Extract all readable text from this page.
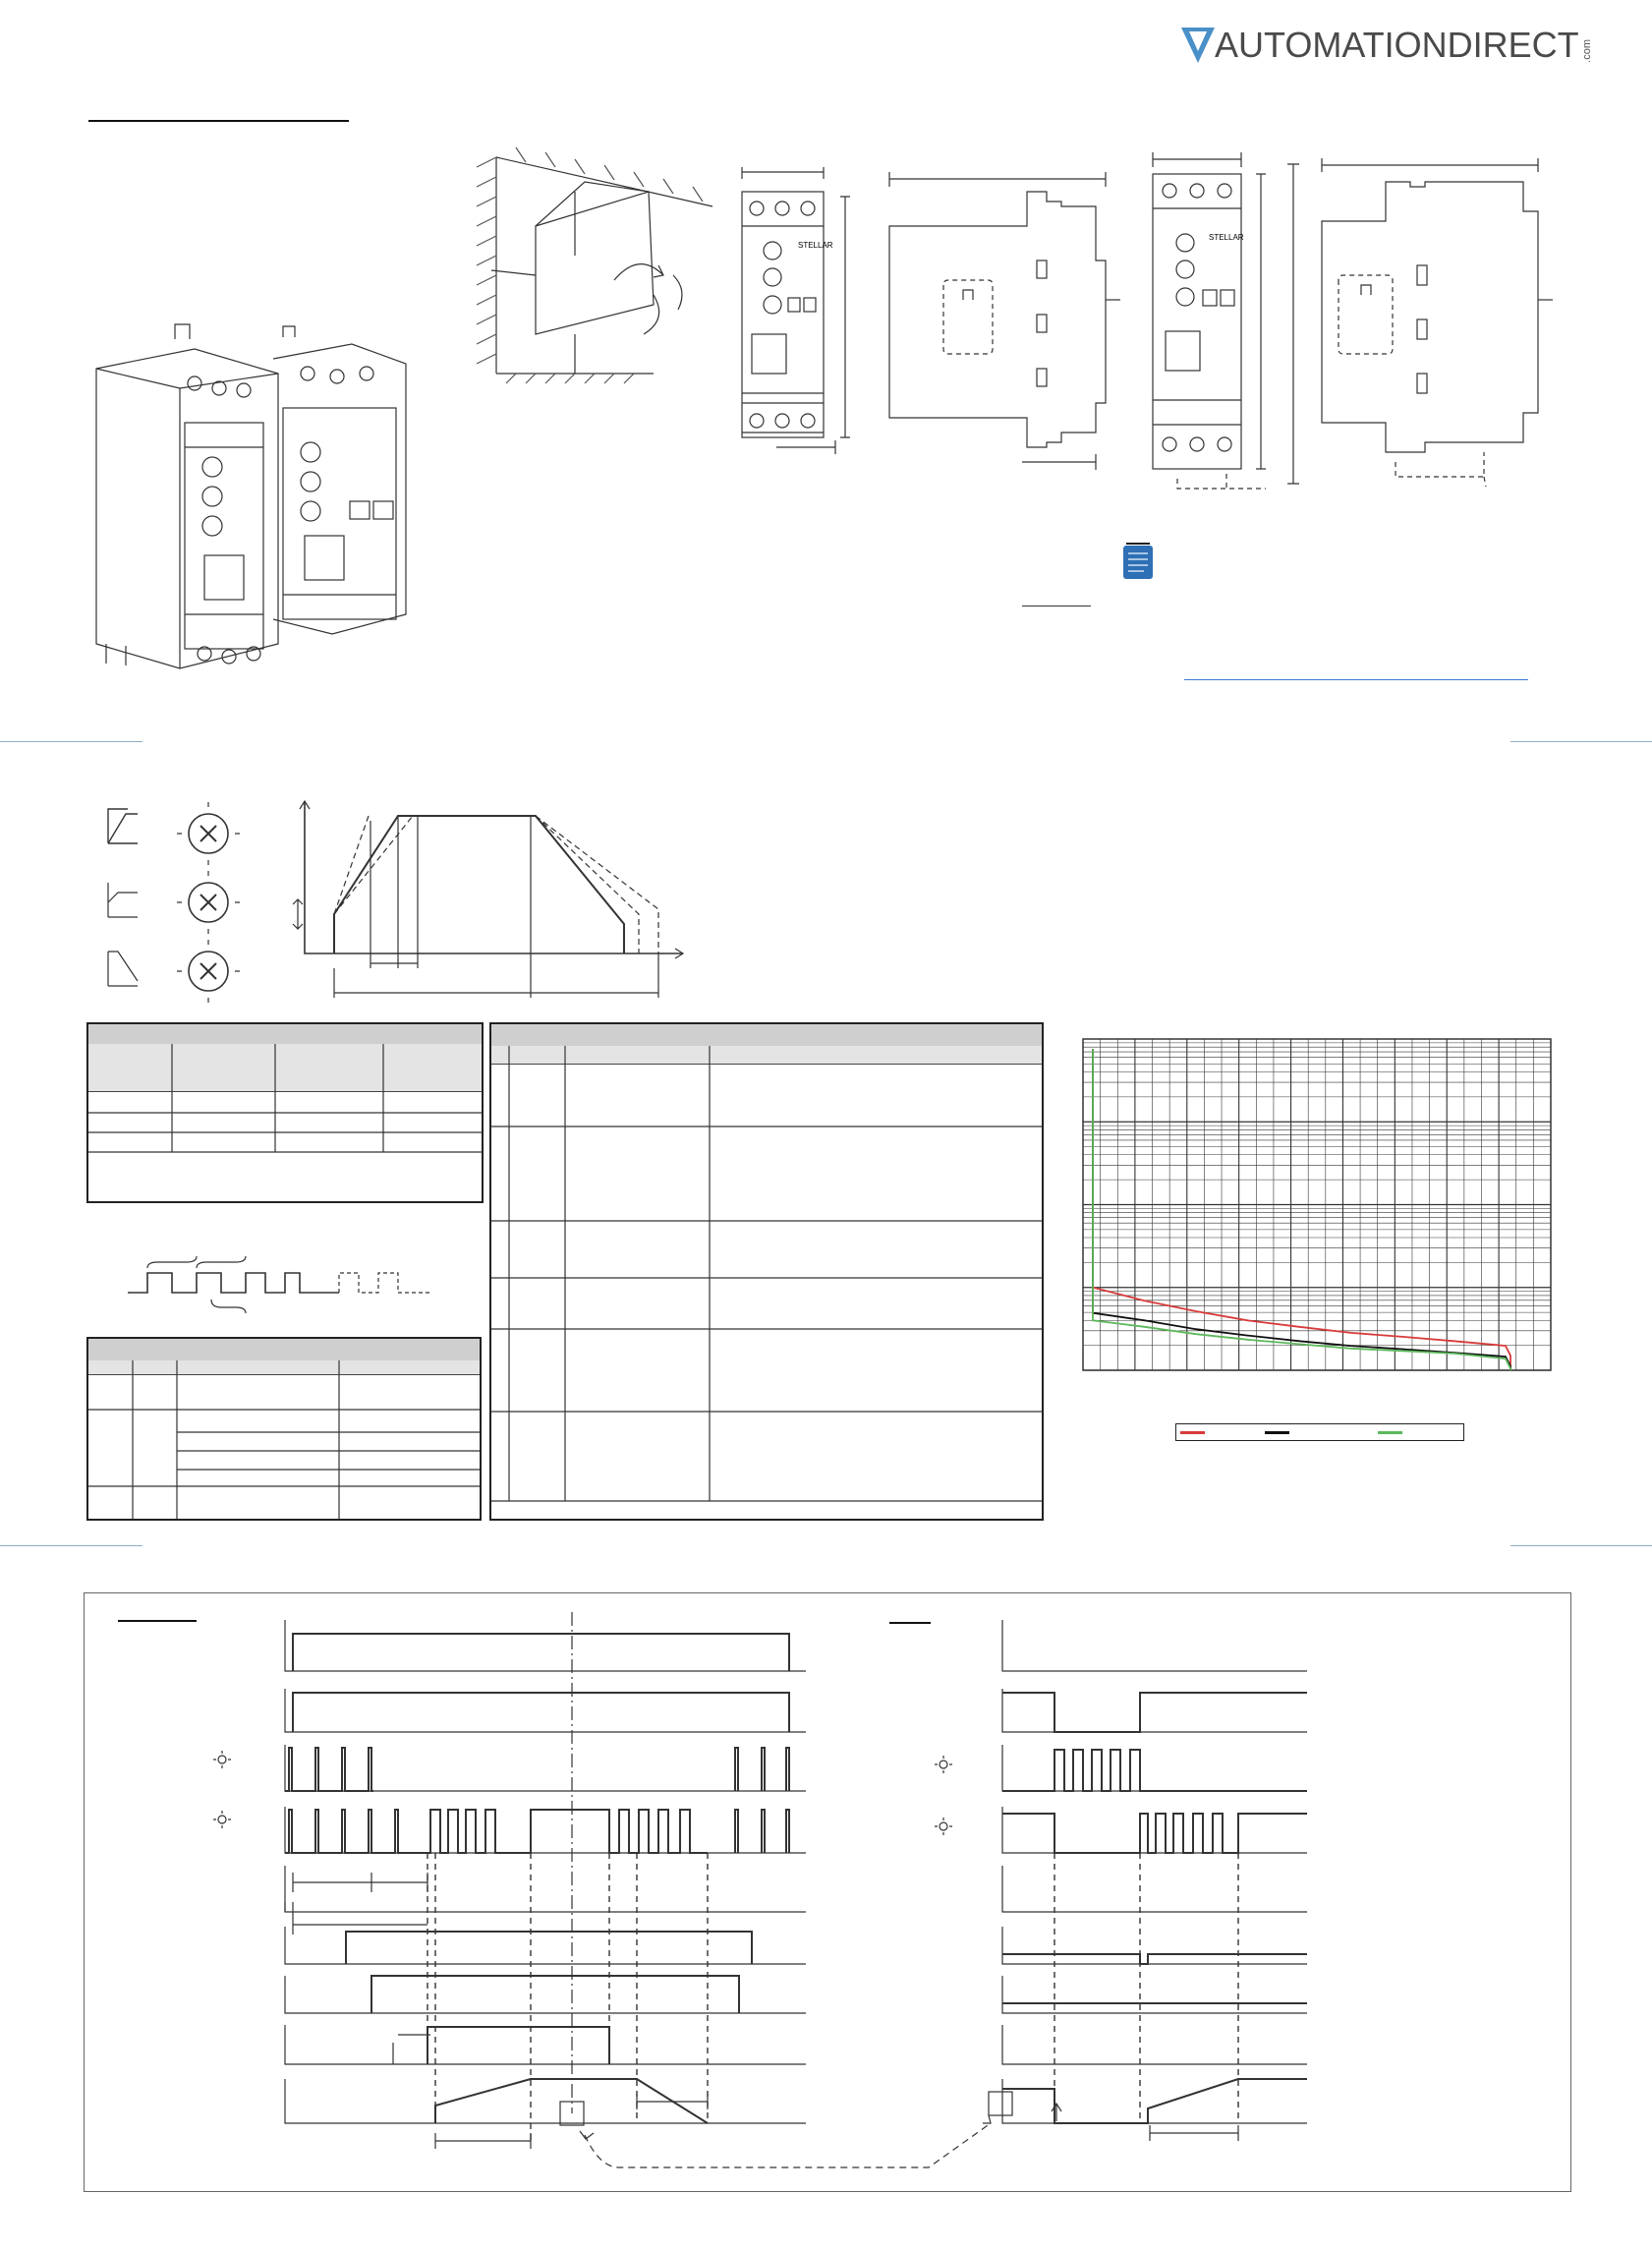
AUTOMATIONDIRECT .com
STELLAR
STELLAR
